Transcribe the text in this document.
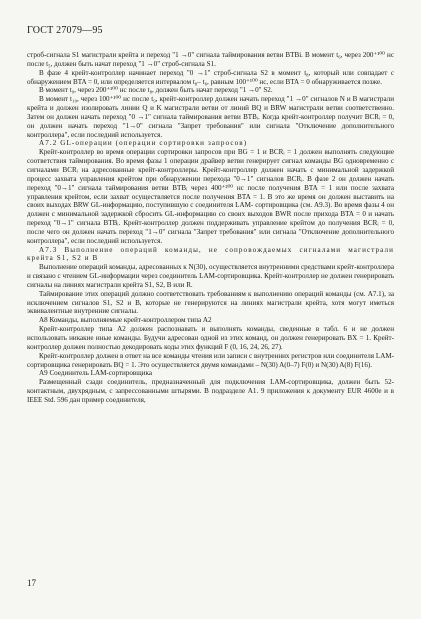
ГОСТ 27079—95

строб-сигнала S1 магистрали крейта и переход "1 →0" сигнала таймирования ветви BTBi. В момент t₆, через 200⁺¹⁰⁰ нс после t₅, должен быть начат переход "1 →0" строб-сигнала S1.

В фазе 4 крейт-контроллер начинает переход "0 →1" строб-сигнала S2 в момент t₈, который или совпадает с обнаружением BTA = 0, или определяется интервалом t₈– t₆, равным 100⁺¹⁰⁰ нс, если BTA = 0 обнаруживается позже.

В момент t₉, через 200⁺¹⁰⁰ нс после t₈, должен быть начат переход "1 →0" S2.

В момент t₁₀, через 100⁺¹⁰⁰ нс после t₉, крейт-контроллер должен начать переход "1 →0" сигналов N и B магистрали крейта и должен изолировать линии Q и K магистрали ветви от линий BQ и BRW магистрали ветви соответственно. Затем он должен начать переход "0 →1" сигнала таймирования ветви BTBᵢ. Когда крейт-контроллер получит BCRᵢ = 0, он должен начать переход "1→0" сигнала "Запрет требования" или сигнала "Отключение дополнительного контроллера", если последний используется.

А7.2 GL-операции (операции сортировки запросов)

Крейт-контроллер во время операции сортировки запросов при BG = 1 и BCRᵢ = 1 должен выполнять следующие соответствия таймирования. Во время фазы 1 операции драйвер ветви генерирует сигнал команды BG одновременно с сигналами BCRᵢ на адресованные крейт-контроллеры. Крейт-контроллер должен начать с минимальной задержкой процесс захвата управления крейтом при обнаружении перехода "0→1" сигналов BCRᵢ. В фазе 2 он должен начать переход "0→1" сигнала таймирования ветви BTBᵢ через 400⁺²⁰⁰ нс после получения BTA = 1 или после захвата управления крейтом, если захват осуществляется после получения BTA = 1. В это же время он должен выставить на своих выходах BRW GL-информацию, поступившую с соединителя LAM- сортировщика (см. A9.3). Во время фазы 4 он должен с минимальной задержкой сбросить GL-информацию со своих выходов BWR после прихода BTA = 0 и начать переход "0→1" сигнала BTBᵢ. Крейт-контроллер должен поддерживать управление крейтом до получения BCRᵢ = 0, после чего он должен начать переход "1→0" сигнала "Запрет требования" или сигнала "Отключение дополнительного контроллера", если последний используется.

А7.3 Выполнение операций команды, не сопровождаемых сигналами магистрали крейта S1, S2 и B

Выполнение операций команды, адресованных к N(30), осуществляется внутренними средствами крейт-контроллера и связано с чтением GL-информации через соединитель LAM-сортировщика. Крейт-контроллер не должен генерировать сигналы на линиях магистрали крейта S1, S2, B или R.

Таймирование этих операций должно соответствовать требованиям к выполнению операций команды (см. A7.1), за исключением сигналов S1, S2 и B, которые не генерируются на линиях магистрали крейта, хотя могут иметься эквивалентные внутренние сигналы.

А8 Команды, выполняемые крейт-контроллером типа A2

Крейт-контроллер типа A2 должен распознавать и выполнять команды, сведенные в табл. 6 и не должен использовать никакие иные команды. Будучи адресован одной из этих команд, он должен генерировать BX = 1. Крейт-контроллер должен полностью декодировать коды этих функций F (0, 16, 24, 26, 27).

Крейт-контроллер должен в ответ на все команды чтения или записи с внутренних регистров или соединителя LAM-сортировщика генерировать BQ = 1. Это осуществляется двумя командами – N(30) A(0–7) F(0) и N(30) A(8) F(16).

А9 Соединитель LAM-сортировщика

Размещенный сзади соединитель, предназначенный для подключения LAM-сортировщика, должен быть 52-контактным, двухрядным, с запрессованными штырями. В подразделе A1. 9 приложения к документу EUR 4600e и в IEEE Std. 596 дан пример соединителя,

17
